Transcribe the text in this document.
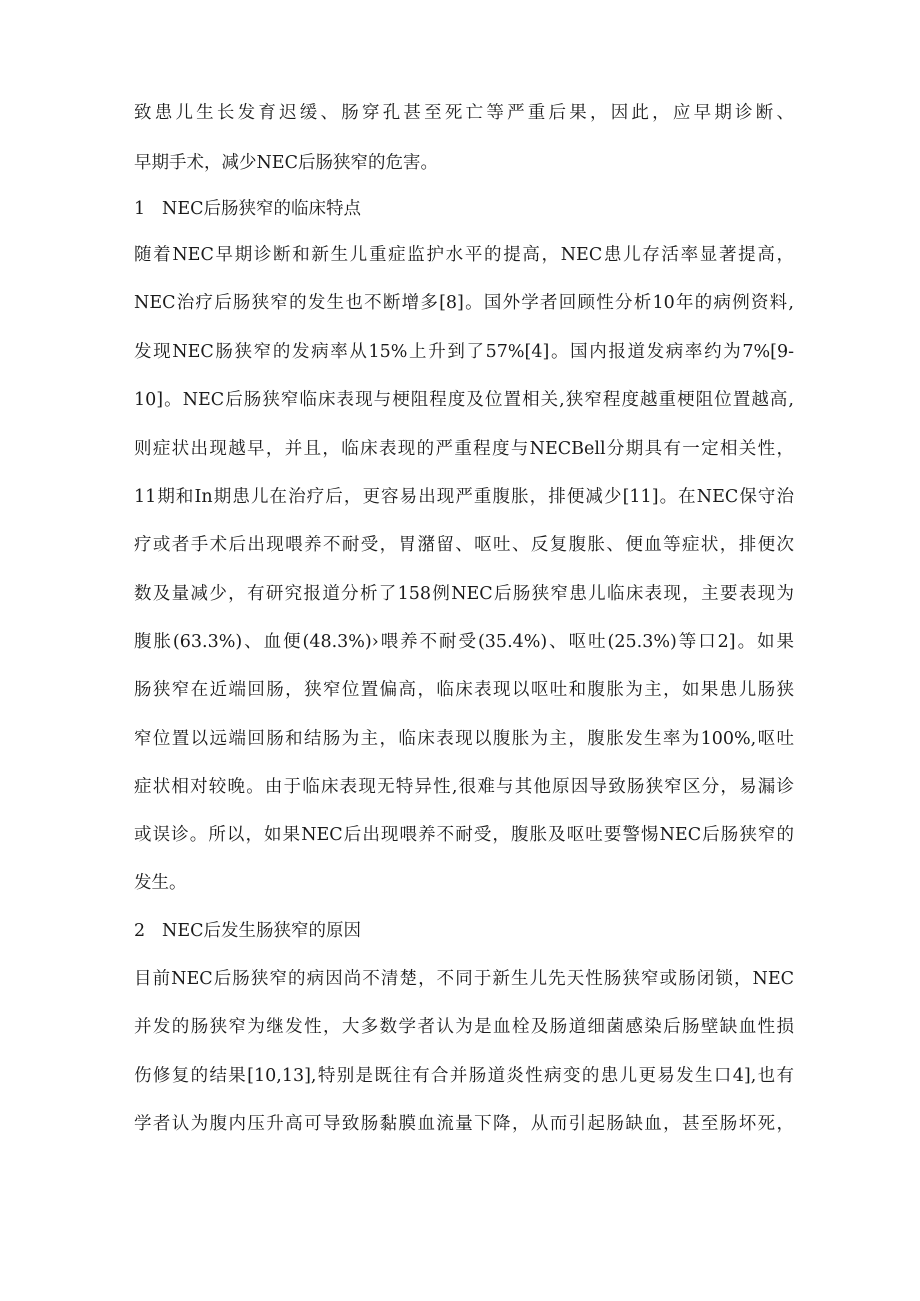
致患儿生长发育迟缓、肠穿孔甚至死亡等严重后果，因此，应早期诊断、
早期手术，减少NEC后肠狭窄的危害。
1 NEC后肠狭窄的临床特点
随着NEC早期诊断和新生儿重症监护水平的提高，NEC患儿存活率显著提高，
NEC治疗后肠狭窄的发生也不断增多[8]。国外学者回顾性分析10年的病例资料,
发现NEC肠狭窄的发病率从15%上升到了57%[4]。国内报道发病率约为7%[9-
10]。NEC后肠狭窄临床表现与梗阻程度及位置相关,狭窄程度越重梗阻位置越高,
则症状出现越早，并且，临床表现的严重程度与NECBell分期具有一定相关性，
11期和In期患儿在治疗后，更容易出现严重腹胀，排便减少[11]。在NEC保守治
疗或者手术后出现喂养不耐受，胃潴留、呕吐、反复腹胀、便血等症状，排便次
数及量减少，有研究报道分析了158例NEC后肠狭窄患儿临床表现，主要表现为
腹胀(63.3%)、血便(48.3%)›喂养不耐受(35.4%)、呕吐(25.3%)等口2]。如果
肠狭窄在近端回肠，狭窄位置偏高，临床表现以呕吐和腹胀为主，如果患儿肠狭
窄位置以远端回肠和结肠为主，临床表现以腹胀为主，腹胀发生率为100%,呕吐
症状相对较晚。由于临床表现无特异性,很难与其他原因导致肠狭窄区分，易漏诊
或误诊。所以，如果NEC后出现喂养不耐受，腹胀及呕吐要警惕NEC后肠狭窄的
发生。
2 NEC后发生肠狭窄的原因
目前NEC后肠狭窄的病因尚不清楚，不同于新生儿先天性肠狭窄或肠闭锁，NEC
并发的肠狭窄为继发性，大多数学者认为是血栓及肠道细菌感染后肠壁缺血性损
伤修复的结果[10,13],特别是既往有合并肠道炎性病变的患儿更易发生口4],也有
学者认为腹内压升高可导致肠黏膜血流量下降，从而引起肠缺血，甚至肠坏死，
